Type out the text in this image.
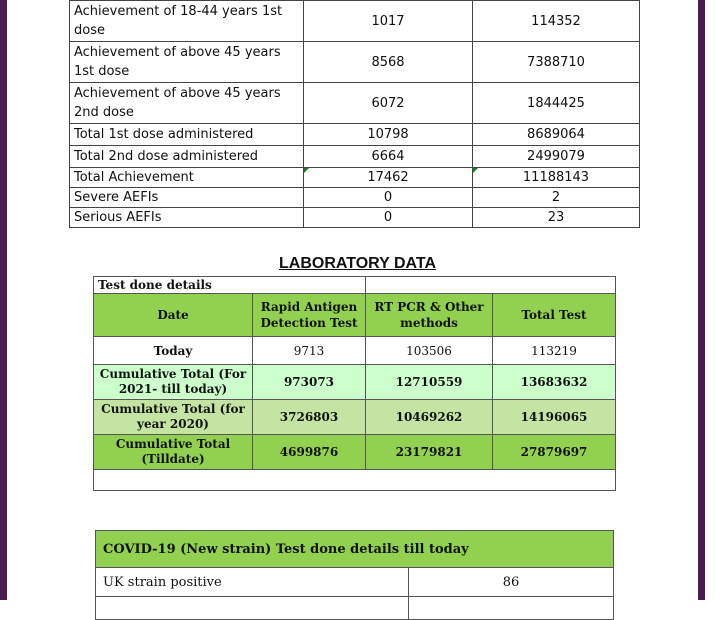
Achievement of 18-44 years 1st dose	1017	114352
Achievement of above 45 years 1st dose	8568	7388710
Achievement of above 45 years 2nd dose	6072	1844425
Total 1st dose administered	10798	8689064
Total 2nd dose administered	6664	2499079
Total Achievement	17462	11188143
Severe AEFIs	0	2
Serious AEFIs	0	23
LABORATORY DATA
Test done details			
Date	Rapid Antigen Detection Test	RT PCR & Other methods	Total Test
Today	9713	103506	113219
Cumulative Total (For 2021- till today)	973073	12710559	13683632
Cumulative Total (for year 2020)	3726803	10469262	14196065
Cumulative Total (Tilldate)	4699876	23179821	27879697

COVID-19 (New strain) Test done details till today	
UK strain positive	86
